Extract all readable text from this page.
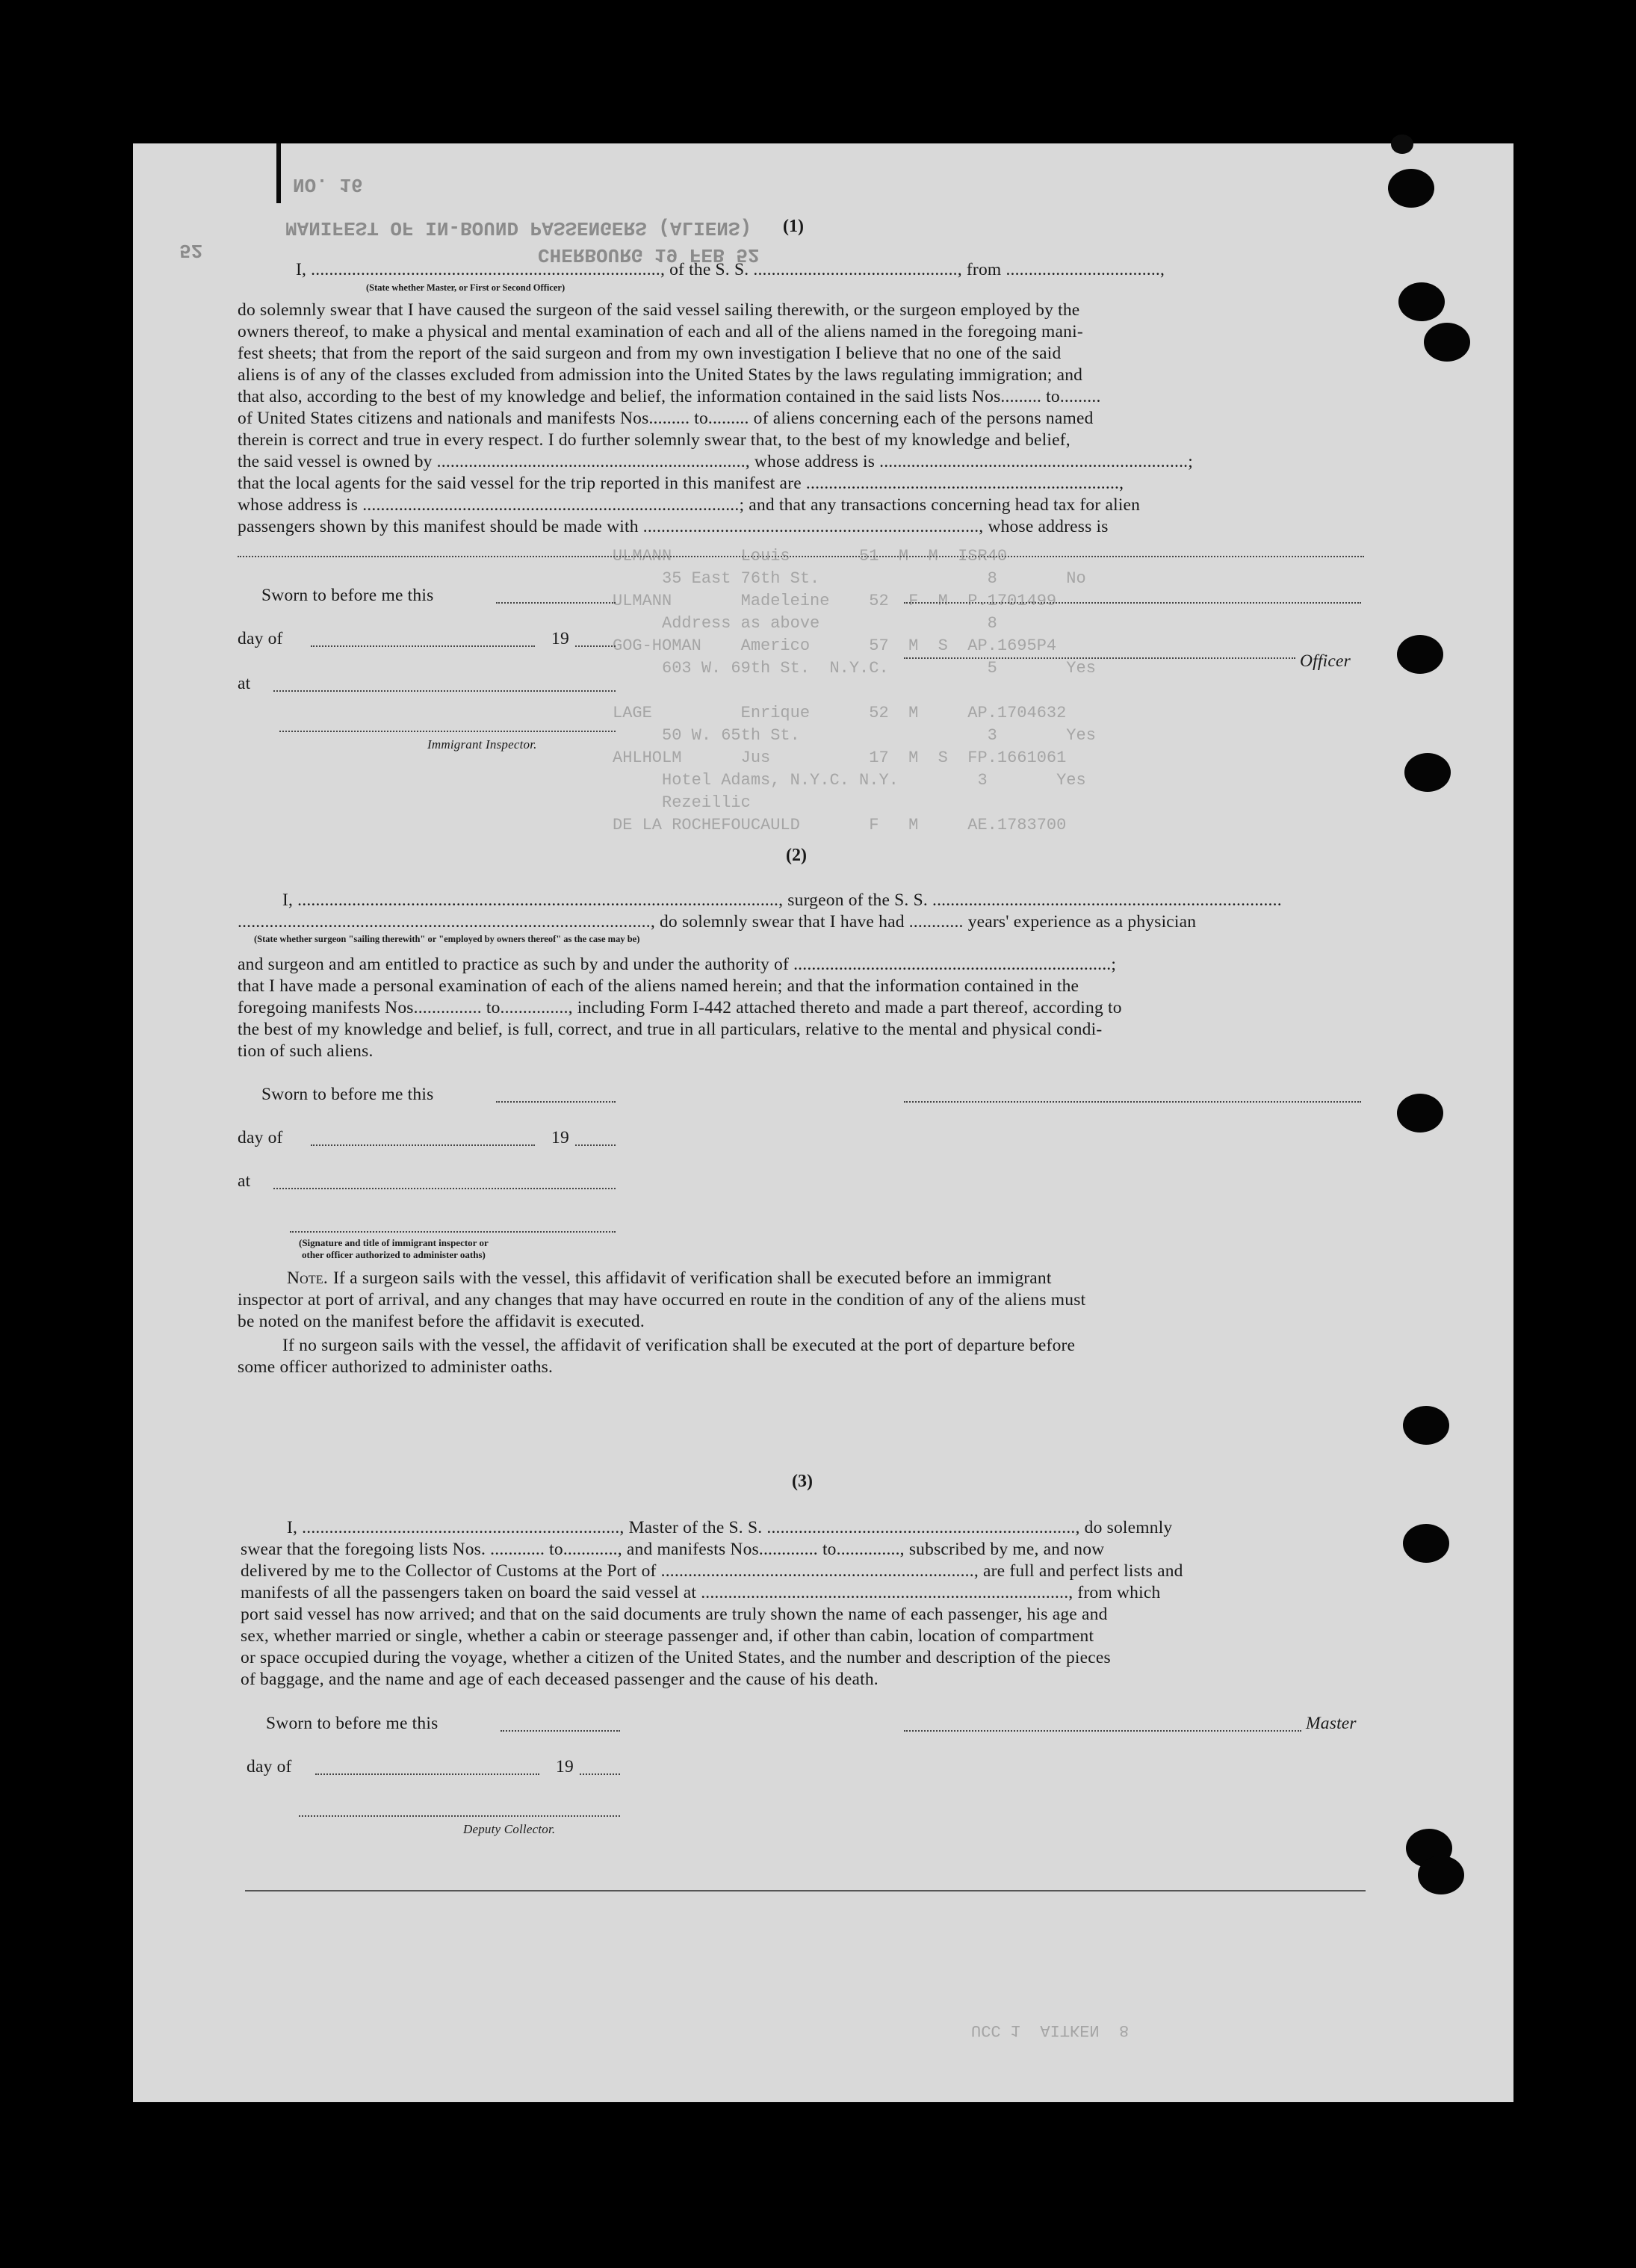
NO. 16
MANIFEST OF IN-BOUND PASSENGERS (ALIENS)
CHERBOURG 19 FEB 52
52
ULMANN       Louis       51  M  M  ISR40
35 East 76th St.                 8       No
ULMANN       Madeleine    52  F  M  P.1701499
Address as above                 8
GOG-HOMAN    Americo      57  M  S  AP.1695P4
603 W. 69th St.  N.Y.C.          5       Yes

LAGE         Enrique      52  M     AP.1704632
50 W. 65th St.                   3       Yes
AHLHOLM      Jus          17  M  S  FP.1661061
Hotel Adams, N.Y.C. N.Y.        3       Yes
Rezeillic
DE LA ROCHEFOUCAULD       F   M     AE.1783700
(1)
I, ............................................................................., of the S. S. ............................................., from ..................................,
(State whether Master, or First or Second Officer)
do solemnly swear that I have caused the surgeon of the said vessel sailing therewith, or the surgeon employed by the
owners thereof, to make a physical and mental examination of each and all of the aliens named in the foregoing mani-
fest sheets; that from the report of the said surgeon and from my own investigation I believe that no one of the said
aliens is of any of the classes excluded from admission into the United States by the laws regulating immigration; and
that also, according to the best of my knowledge and belief, the information contained in the said lists Nos......... to.........
of United States citizens and nationals and manifests Nos......... to......... of aliens concerning each of the persons named
therein is correct and true in every respect. I do further solemnly swear that, to the best of my knowledge and belief,
the said vessel is owned by ...................................................................., whose address is ....................................................................;
that the local agents for the said vessel for the trip reported in this manifest are .....................................................................,
whose address is ...................................................................................; and that any transactions concerning head tax for alien
passengers shown by this manifest should be made with .........................................................................., whose address is
Sworn to before me this
day of	19
Officer
at
Immigrant Inspector.
(2)
I, .........................................................................................................., surgeon of the S. S. .............................................................................
..........................................................................................., do solemnly swear that I have had ............ years' experience as a physician
(State whether surgeon "sailing therewith" or "employed by owners thereof" as the case may be)
and surgeon and am entitled to practice as such by and under the authority of ......................................................................;
that I have made a personal examination of each of the aliens named herein; and that the information contained in the
foregoing manifests Nos............... to..............., including Form I-442 attached thereto and made a part thereof, according to
the best of my knowledge and belief, is full, correct, and true in all particulars, relative to the mental and physical condi-
tion of such aliens.
Sworn to before me this
day of	19
at
(Signature and title of immigrant inspector or
other officer authorized to administer oaths)
Note. If a surgeon sails with the vessel, this affidavit of verification shall be executed before an immigrant
inspector at port of arrival, and any changes that may have occurred en route in the condition of any of the aliens must
be noted on the manifest before the affidavit is executed.
If no surgeon sails with the vessel, the affidavit of verification shall be executed at the port of departure before
some officer authorized to administer oaths.
(3)
I, ......................................................................, Master of the S. S. ...................................................................., do solemnly
swear that the foregoing lists Nos. ............ to............, and manifests Nos............. to.............., subscribed by me, and now
delivered by me to the Collector of Customs at the Port of ....................................................................., are full and perfect lists and
manifests of all the passengers taken on board the said vessel at ................................................................................., from which
port said vessel has now arrived; and that on the said documents are truly shown the name of each passenger, his age and
sex, whether married or single, whether a cabin or steerage passenger and, if other than cabin, location of compartment
or space occupied during the voyage, whether a citizen of the United States, and the number and description of the pieces
of baggage, and the name and age of each deceased passenger and the cause of his death.
Sworn to before me this	Master
day of	19
Deputy Collector.
UCC 1  AITKEN  8
